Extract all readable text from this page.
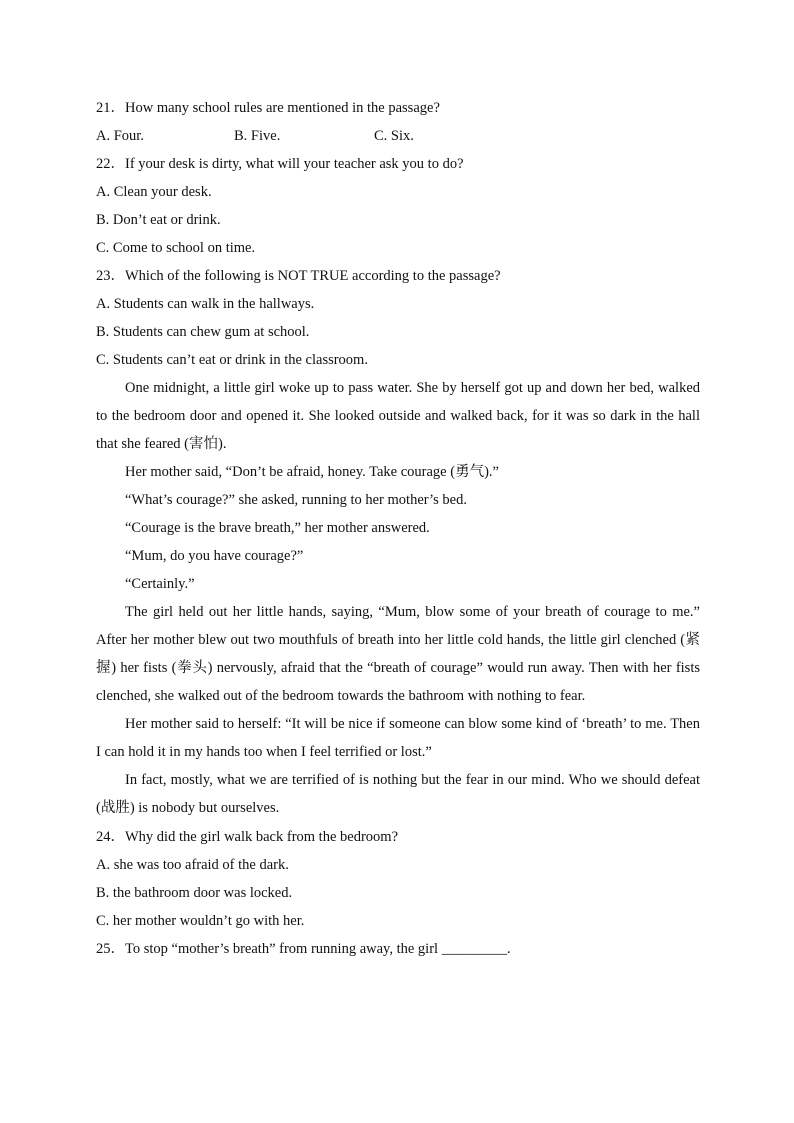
21．How many school rules are mentioned in the passage?
A. Four.	B. Five.	C. Six.
22．If your desk is dirty, what will your teacher ask you to do?
A. Clean your desk.
B. Don’t eat or drink.
C. Come to school on time.
23．Which of the following is NOT TRUE according to the passage?
A. Students can walk in the hallways.
B. Students can chew gum at school.
C. Students can’t eat or drink in the classroom.

One midnight, a little girl woke up to pass water. She by herself got up and down her bed, walked to the bedroom door and opened it. She looked outside and walked back, for it was so dark in the hall that she feared (害怕).

Her mother said, “Don’t be afraid, honey. Take courage (勇气).”

“What’s courage?” she asked, running to her mother’s bed.

“Courage is the brave breath,” her mother answered.

“Mum, do you have courage?”

“Certainly.”

The girl held out her little hands, saying, “Mum, blow some of your breath of courage to me.” After her mother blew out two mouthfuls of breath into her little cold hands, the little girl clenched (紧握) her fists (拳头) nervously, afraid that the “breath of courage” would run away. Then with her fists clenched, she walked out of the bedroom towards the bathroom with nothing to fear.

Her mother said to herself: “It will be nice if someone can blow some kind of ‘breath’ to me. Then I can hold it in my hands too when I feel terrified or lost.”

In fact, mostly, what we are terrified of is nothing but the fear in our mind. Who we should defeat (战胜) is nobody but ourselves.

24．Why did the girl walk back from the bedroom?
A. she was too afraid of the dark.
B. the bathroom door was locked.
C. her mother wouldn’t go with her.
25．To stop “mother’s breath” from running away, the girl _________.
